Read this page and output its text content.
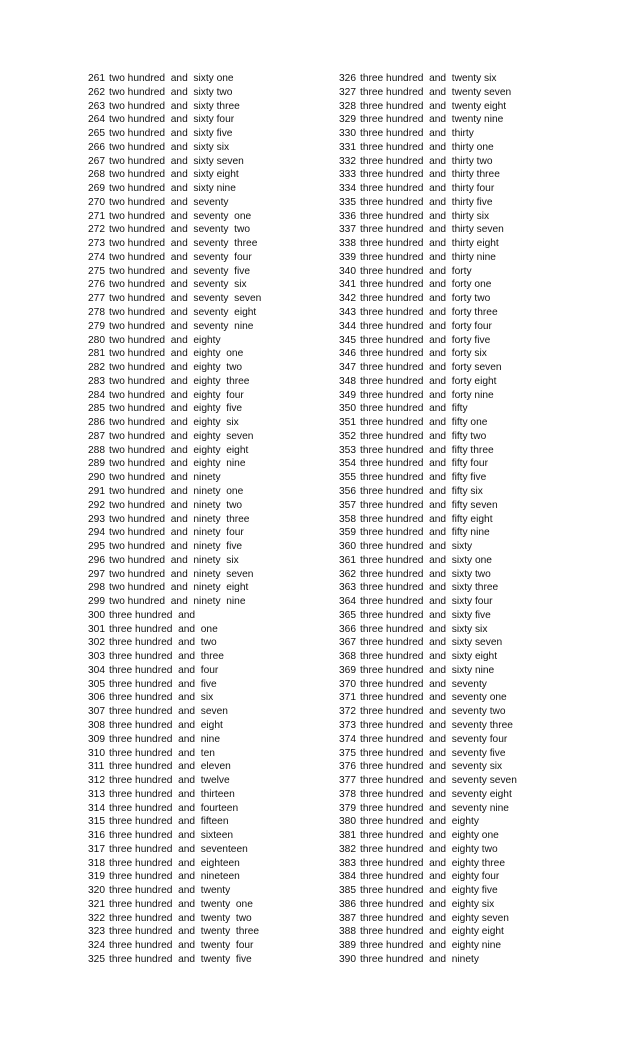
261 two hundred  and  sixty one
262 two hundred  and  sixty two
263 two hundred  and  sixty three
264 two hundred  and  sixty four
265 two hundred  and  sixty five
266 two hundred  and  sixty six
267 two hundred  and  sixty seven
268 two hundred  and  sixty eight
269 two hundred  and  sixty nine
270 two hundred  and  seventy
271 two hundred  and  seventy  one
272 two hundred  and  seventy  two
273 two hundred  and  seventy  three
274 two hundred  and  seventy  four
275 two hundred  and  seventy  five
276 two hundred  and  seventy  six
277 two hundred  and  seventy  seven
278 two hundred  and  seventy  eight
279 two hundred  and  seventy  nine
280 two hundred  and  eighty
281 two hundred  and  eighty  one
282 two hundred  and  eighty  two
283 two hundred  and  eighty  three
284 two hundred  and  eighty  four
285 two hundred  and  eighty  five
286 two hundred  and  eighty  six
287 two hundred  and  eighty  seven
288 two hundred  and  eighty  eight
289 two hundred  and  eighty  nine
290 two hundred  and  ninety
291 two hundred  and  ninety  one
292 two hundred  and  ninety  two
293 two hundred  and  ninety  three
294 two hundred  and  ninety  four
295 two hundred  and  ninety  five
296 two hundred  and  ninety  six
297 two hundred  and  ninety  seven
298 two hundred  and  ninety  eight
299 two hundred  and  ninety  nine
300 three hundred  and
301 three hundred  and  one
302 three hundred  and  two
303 three hundred  and  three
304 three hundred  and  four
305 three hundred  and  five
306 three hundred  and  six
307 three hundred  and  seven
308 three hundred  and  eight
309 three hundred  and  nine
310 three hundred  and  ten
311 three hundred  and  eleven
312 three hundred  and  twelve
313 three hundred  and  thirteen
314 three hundred  and  fourteen
315 three hundred  and  fifteen
316 three hundred  and  sixteen
317 three hundred  and  seventeen
318 three hundred  and  eighteen
319 three hundred  and  nineteen
320 three hundred  and  twenty
321 three hundred  and  twenty  one
322 three hundred  and  twenty  two
323 three hundred  and  twenty  three
324 three hundred  and  twenty  four
325 three hundred  and  twenty  five
326 three hundred  and  twenty six
327 three hundred  and  twenty seven
328 three hundred  and  twenty eight
329 three hundred  and  twenty nine
330 three hundred  and  thirty
331 three hundred  and  thirty one
332 three hundred  and  thirty two
333 three hundred  and  thirty three
334 three hundred  and  thirty four
335 three hundred  and  thirty five
336 three hundred  and  thirty six
337 three hundred  and  thirty seven
338 three hundred  and  thirty eight
339 three hundred  and  thirty nine
340 three hundred  and  forty
341 three hundred  and  forty one
342 three hundred  and  forty two
343 three hundred  and  forty three
344 three hundred  and  forty four
345 three hundred  and  forty five
346 three hundred  and  forty six
347 three hundred  and  forty seven
348 three hundred  and  forty eight
349 three hundred  and  forty nine
350 three hundred  and  fifty
351 three hundred  and  fifty one
352 three hundred  and  fifty two
353 three hundred  and  fifty three
354 three hundred  and  fifty four
355 three hundred  and  fifty five
356 three hundred  and  fifty six
357 three hundred  and  fifty seven
358 three hundred  and  fifty eight
359 three hundred  and  fifty nine
360 three hundred  and  sixty
361 three hundred  and  sixty one
362 three hundred  and  sixty two
363 three hundred  and  sixty three
364 three hundred  and  sixty four
365 three hundred  and  sixty five
366 three hundred  and  sixty six
367 three hundred  and  sixty seven
368 three hundred  and  sixty eight
369 three hundred  and  sixty nine
370 three hundred  and  seventy
371 three hundred  and  seventy one
372 three hundred  and  seventy two
373 three hundred  and  seventy three
374 three hundred  and  seventy four
375 three hundred  and  seventy five
376 three hundred  and  seventy six
377 three hundred  and  seventy seven
378 three hundred  and  seventy eight
379 three hundred  and  seventy nine
380 three hundred  and  eighty
381 three hundred  and  eighty one
382 three hundred  and  eighty two
383 three hundred  and  eighty three
384 three hundred  and  eighty four
385 three hundred  and  eighty five
386 three hundred  and  eighty six
387 three hundred  and  eighty seven
388 three hundred  and  eighty eight
389 three hundred  and  eighty nine
390 three hundred  and  ninety
